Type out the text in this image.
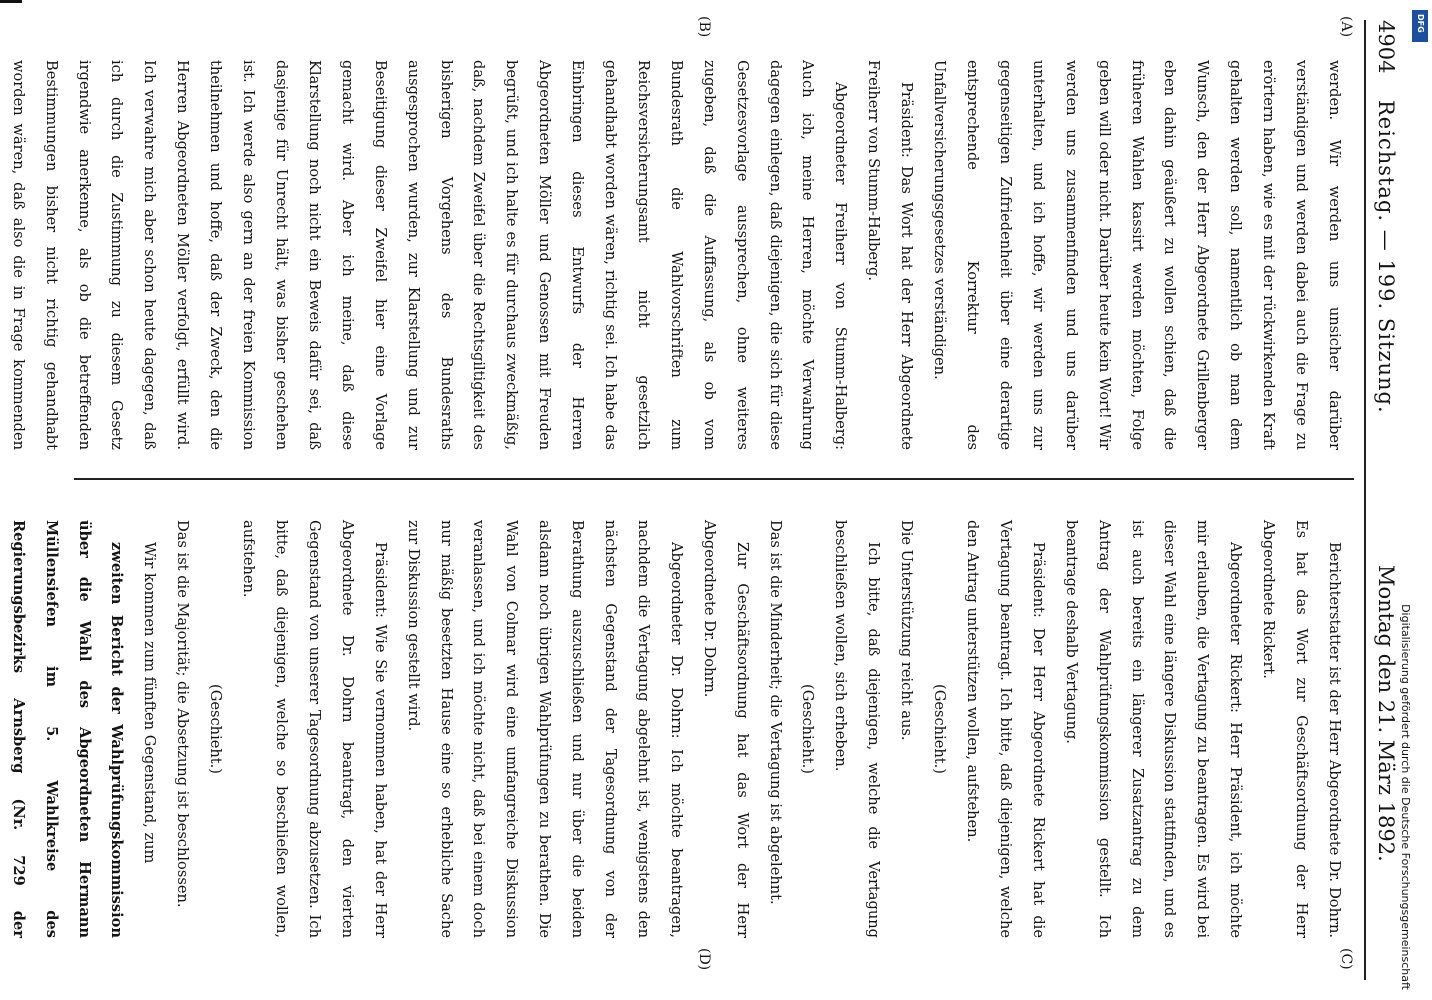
4904
Reichstag. — 199. Sitzung.
Montag den 21. März 1892.
(A)
(B)
(C)
(D)

werden. Wir werden uns unsicher darüber verständigen und werden dabei auch die Frage zu erörtern haben, wie es mit der rückwirkenden Kraft gehalten werden soll, namentlich ob man dem Wunsch, den der Herr Abgeordnete Grillenberger eben dahin geäußert zu wollen schien, daß die früheren Wahlen kassirt werden möchten, Folge geben will oder nicht. Darüber heute kein Wort! Wir werden uns zusammenfinden und uns darüber unterhalten, und ich hoffe, wir werden uns zur gegenseitigen Zufriedenheit über eine derartige entsprechende Korrektur des Unfallversicherungsgesetzes verständigen.

Präsident: Das Wort hat der Herr Abgeordnete Freiherr von Stumm-Halberg.

Abgeordneter Freiherr von Stumm-Halberg: Auch ich, meine Herren, möchte Verwahrung dagegen einlegen, daß diejenigen, die sich für diese Gesetzesvorlage aussprechen, ohne weiteres zugeben, daß die Auffassung, als ob vom Bundesrath die Wahlvorschriften zum Reichsversicherungsamt nicht gesetzlich gehandhabt worden wären, richtig sei. Ich habe das Einbringen dieses Entwurfs der Herren Abgeordneten Möller und Genossen mit Freuden begrüßt, und ich halte es für durchaus zweckmäßig, daß, nachdem Zweifel über die Rechtsgiltigkeit des bisherigen Vorgehens des Bundesraths ausgesprochen wurden, zur Klarstellung und zur Beseitigung dieser Zweifel hier eine Vorlage gemacht wird. Aber ich meine, daß diese Klarstellung noch nicht ein Beweis dafür sei, daß dasjenige für Unrecht hält, was bisher geschehen ist. Ich werde also gern an der freien Kommission theilnehmen und hoffe, daß der Zweck, den die Herren Abgeordneten Möller verfolgt, erfüllt wird. Ich verwahre mich aber schon heute dagegen, daß ich durch die Zustimmung zu diesem Gesetz irgendwie anerkenne, als ob die betreffenden Bestimmungen bisher nicht richtig gehandhabt worden wären, daß also die in Frage kommenden

Berichterstatter ist der Herr Abgeordnete Dr. Dohrn. Es hat das Wort zur Geschäftsordnung der Herr Abgeordnete Rickert.

Abgeordneter Rickert: Herr Präsident, ich möchte mir erlauben, die Vertagung zu beantragen. Es wird bei dieser Wahl eine längere Diskussion stattfinden, und es ist auch bereits ein längerer Zusatzantrag zu dem Antrag der Wahlprüfungskommission gestellt. Ich beantrage deshalb Vertagung.

Präsident: Der Herr Abgeordnete Rickert hat die Vertagung beantragt. Ich bitte, daß diejenigen, welche den Antrag unterstützen wollen, aufstehen.

(Geschieht.)

Die Unterstützung reicht aus.

Ich bitte, daß diejenigen, welche die Vertagung beschließen wollen, sich erheben.

(Geschieht.)

Das ist die Minderheit; die Vertagung ist abgelehnt.

Zur Geschäftsordnung hat das Wort der Herr Abgeordnete Dr. Dohrn.

Abgeordneter Dr. Dohrn: Ich möchte beantragen, nachdem die Vertagung abgelehnt ist, wenigstens den nächsten Gegenstand der Tagesordnung von der Berathung auszuschließen und nur über die beiden alsdann noch übrigen Wahlprüfungen zu berathen. Die Wahl von Colmar wird eine umfangreiche Diskussion veranlassen, und ich möchte nicht, daß bei einem doch nur mäßig besetzten Hause eine so erhebliche Sache zur Diskussion gestellt wird.

Präsident: Wie Sie vernommen haben, hat der Herr Abgeordnete Dr. Dohrn beantragt, den vierten Gegenstand von unserer Tagesordnung abzusetzen. Ich bitte, daß diejenigen, welche so beschließen wollen, aufstehen.

(Geschieht.)

Das ist die Majorität; die Absetzung ist beschlossen.

Wir kommen zum fünften Gegenstand, zum

zweiten Bericht der Wahlprüfungskommission über die Wahl des Abgeordneten Hermann Müllensiefen im 5. Wahlkreise des Regierungsbezirks Arnsberg (Nr. 729 der	Digitalisierung gefördert durch die Deutsche Forschungsgemeinschaft
DFG
